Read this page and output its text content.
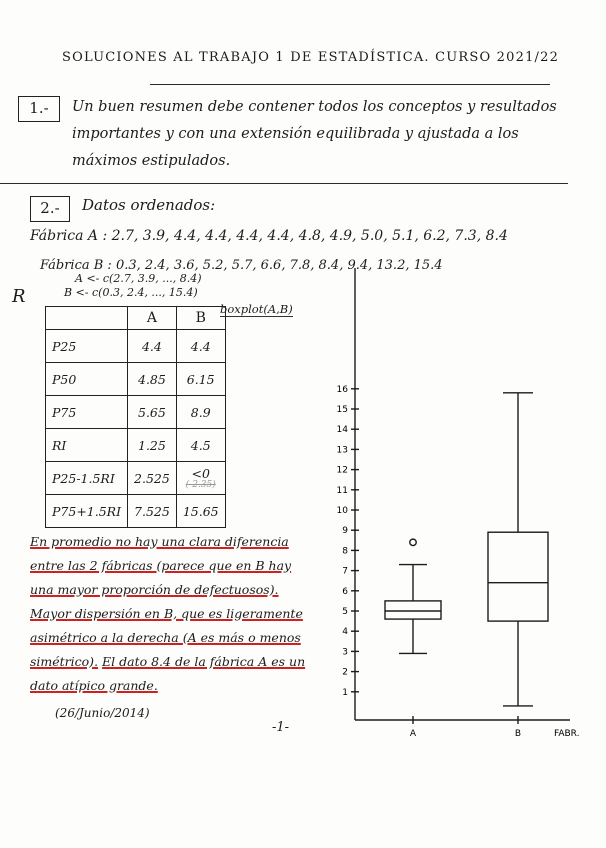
SOLUCIONES AL TRABAJO 1 DE ESTADÍSTICA. CURSO 2021/22
1.-	Un buen resumen debe contener todos los conceptos y resultados importantes y con una extensión equilibrada y ajustada a los máximos estipulados.
2.-	Datos ordenados:
Fábrica A : 2.7, 3.9, 4.4, 4.4, 4.4, 4.4, 4.8, 4.9, 5.0, 5.1, 6.2, 7.3, 8.4
Fábrica B : 0.3, 2.4, 3.6, 5.2, 5.7, 6.6, 7.8, 8.4, 9.4, 13.2, 15.4
R
A <- c(2.7, 3.9, ..., 8.4)
B <- c(0.3, 2.4, ..., 15.4)
boxplot(A,B)
	A	B
P25	4.4	4.4
P50	4.85	6.15
P75	5.65	8.9
RI	1.25	4.5
P25-1.5RI	2.525	<0
(-2.35)

P75+1.5RI	7.525	15.65
En promedio no hay una clara diferencia entre las 2 fábricas (parece que en B hay una mayor proporción de defectuosos). Mayor dispersión en B, que es ligeramente asimétrico a la derecha (A es más o menos simétrico). El dato 8.4 de la fábrica A es un dato atípico grande.
(26/Junio/2014)
-1-
1
2
3
4
5
6
7
8
9
10
11
12
13
14
15
16
A	B	FABR.
